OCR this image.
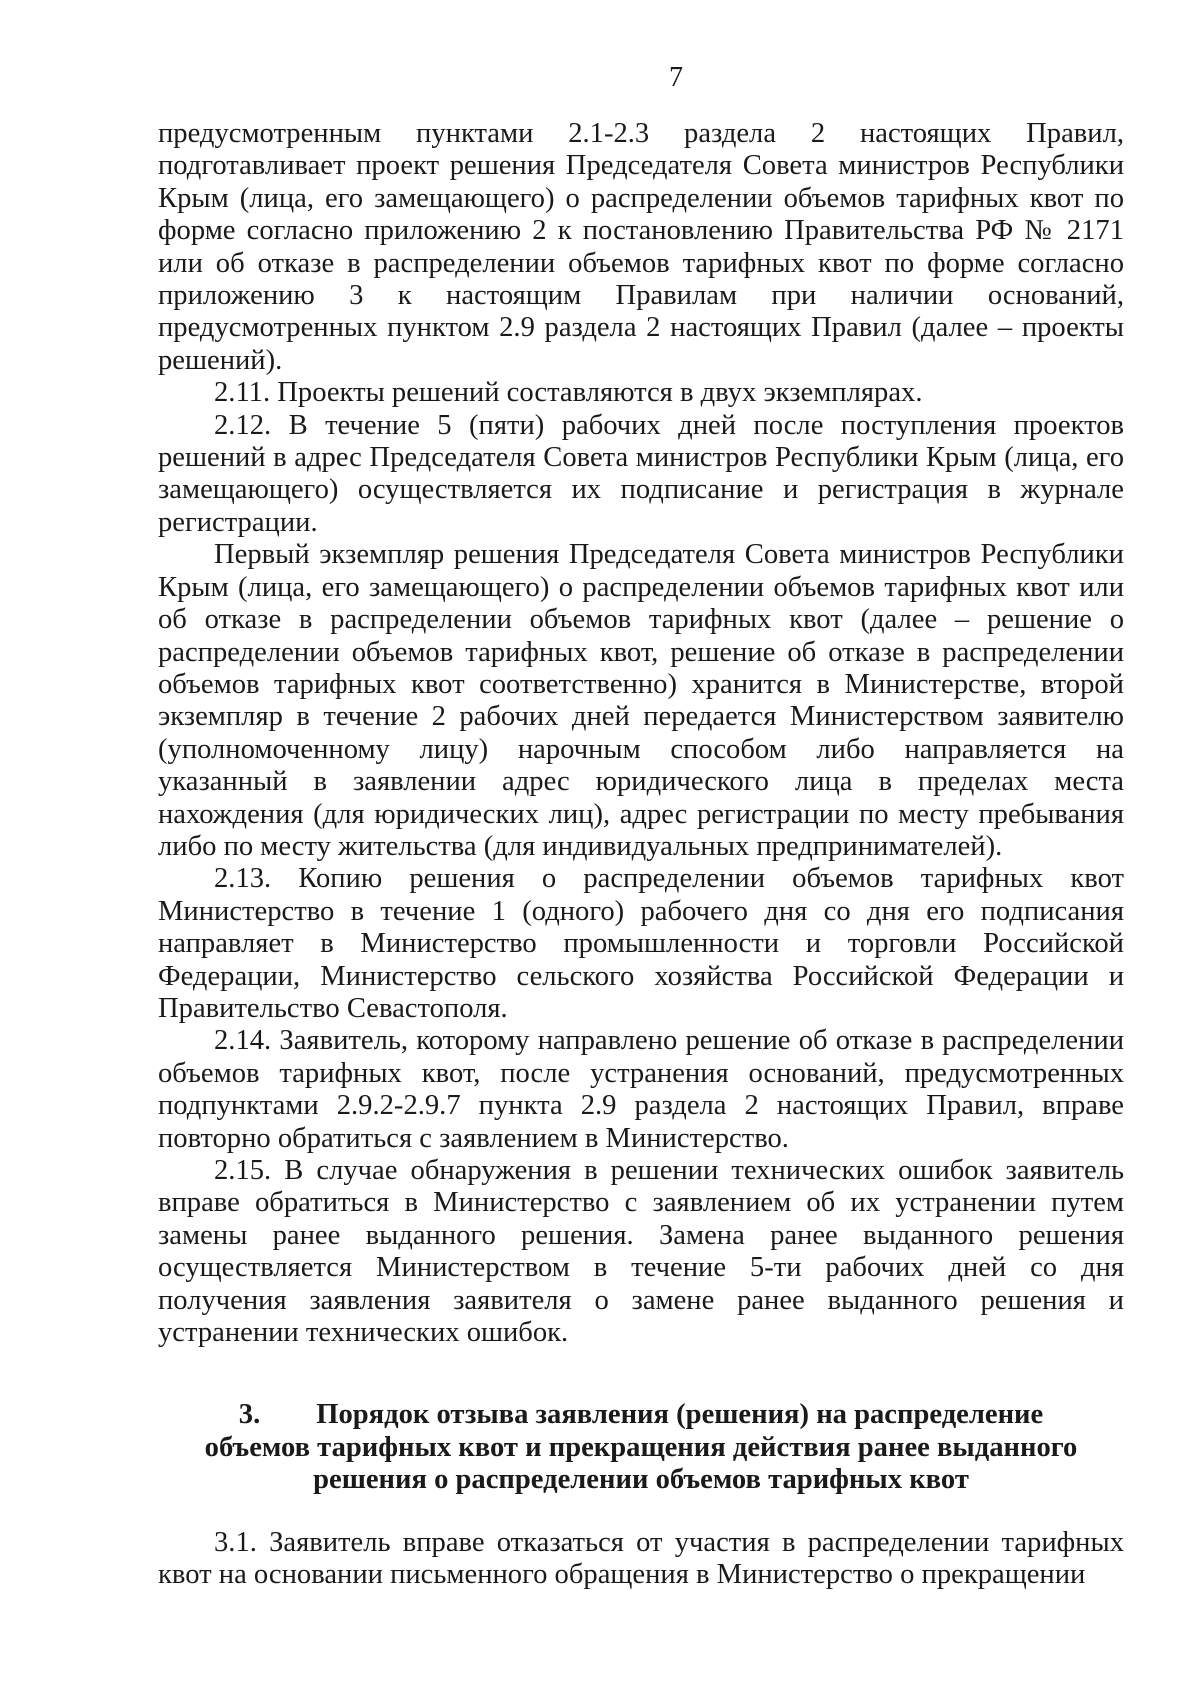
7

предусмотренным пунктами 2.1-2.3 раздела 2 настоящих Правил, подготавливает проект решения Председателя Совета министров Республики Крым (лица, его замещающего) о распределении объемов тарифных квот по форме согласно приложению 2 к постановлению Правительства РФ № 2171 или об отказе в распределении объемов тарифных квот по форме согласно приложению 3 к настоящим Правилам при наличии оснований, предусмотренных пунктом 2.9 раздела 2 настоящих Правил (далее – проекты решений).

2.11. Проекты решений составляются в двух экземплярах.

2.12. В течение 5 (пяти) рабочих дней после поступления проектов решений в адрес Председателя Совета министров Республики Крым (лица, его замещающего) осуществляется их подписание и регистрация в журнале регистрации.

Первый экземпляр решения Председателя Совета министров Республики Крым (лица, его замещающего) о распределении объемов тарифных квот или об отказе в распределении объемов тарифных квот (далее – решение о распределении объемов тарифных квот, решение об отказе в распределении объемов тарифных квот соответственно) хранится в Министерстве, второй экземпляр в течение 2 рабочих дней передается Министерством заявителю (уполномоченному лицу) нарочным способом либо направляется на указанный в заявлении адрес юридического лица в пределах места нахождения (для юридических лиц), адрес регистрации по месту пребывания либо по месту жительства (для индивидуальных предпринимателей).

2.13. Копию решения о распределении объемов тарифных квот Министерство в течение 1 (одного) рабочего дня со дня его подписания направляет в Министерство промышленности и торговли Российской Федерации, Министерство сельского хозяйства Российской Федерации и Правительство Севастополя.

2.14. Заявитель, которому направлено решение об отказе в распределении объемов тарифных квот, после устранения оснований, предусмотренных подпунктами 2.9.2-2.9.7 пункта 2.9 раздела 2 настоящих Правил, вправе повторно обратиться с заявлением в Министерство.

2.15. В случае обнаружения в решении технических ошибок заявитель вправе обратиться в Министерство с заявлением об их устранении путем замены ранее выданного решения. Замена ранее выданного решения осуществляется Министерством в течение 5-ти рабочих дней со дня получения заявления заявителя о замене ранее выданного решения и устранении технических ошибок.

3. Порядок отзыва заявления (решения) на распределение
объемов тарифных квот и прекращения действия ранее выданного
решения о распределении объемов тарифных квот

3.1. Заявитель вправе отказаться от участия в распределении тарифных квот на основании письменного обращения в Министерство о прекращении
